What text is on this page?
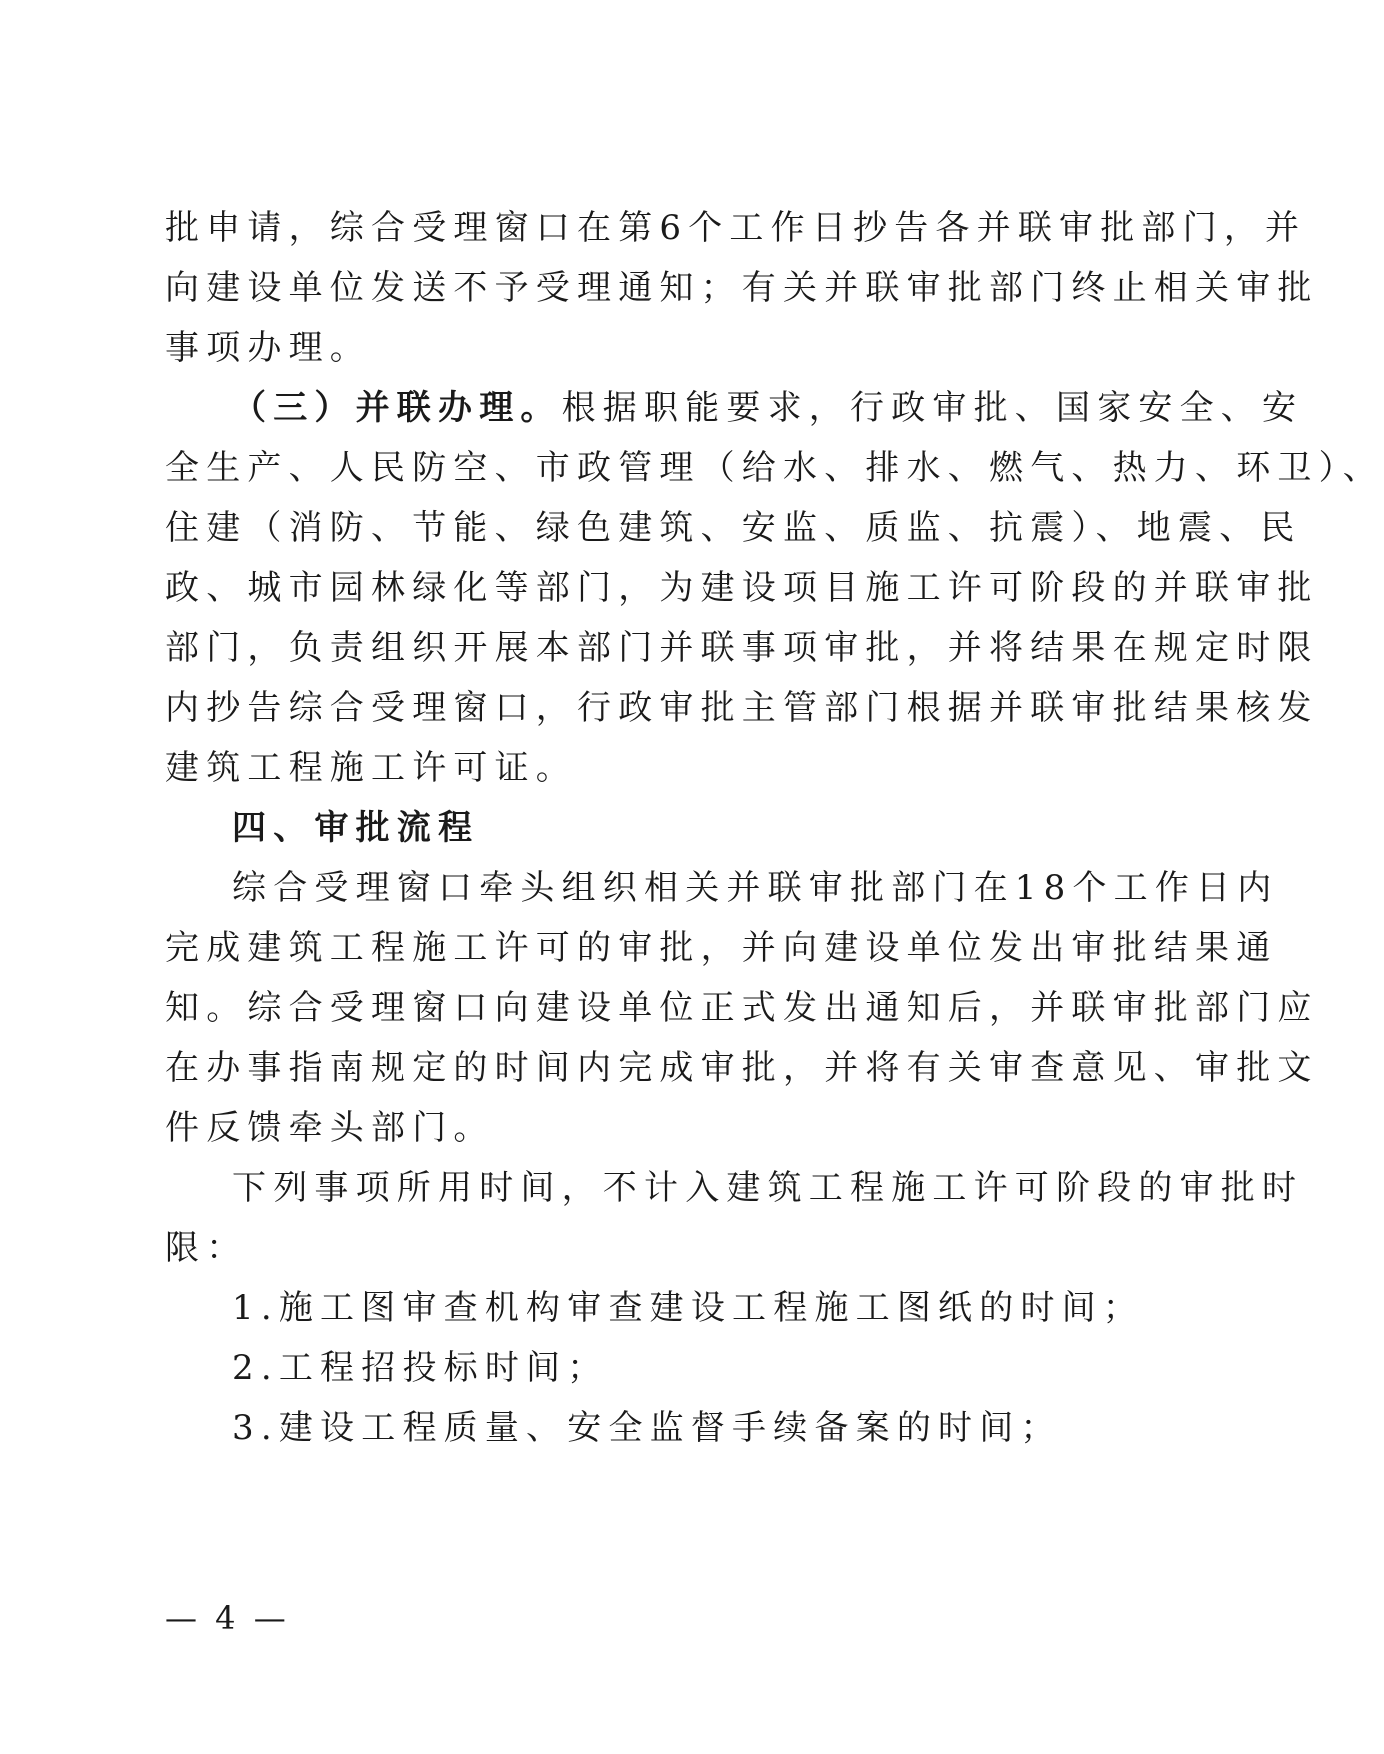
批申请，综合受理窗口在第6个工作日抄告各并联审批部门，并
向建设单位发送不予受理通知；有关并联审批部门终止相关审批
事项办理。
（三）并联办理。根据职能要求，行政审批、国家安全、安
全生产、人民防空、市政管理（给水、排水、燃气、热力、环卫）、
住建（消防、节能、绿色建筑、安监、质监、抗震）、地震、民
政、城市园林绿化等部门，为建设项目施工许可阶段的并联审批
部门，负责组织开展本部门并联事项审批，并将结果在规定时限
内抄告综合受理窗口，行政审批主管部门根据并联审批结果核发
建筑工程施工许可证。
四、审批流程
综合受理窗口牵头组织相关并联审批部门在18个工作日内
完成建筑工程施工许可的审批，并向建设单位发出审批结果通
知。综合受理窗口向建设单位正式发出通知后，并联审批部门应
在办事指南规定的时间内完成审批，并将有关审查意见、审批文
件反馈牵头部门。
下列事项所用时间，不计入建筑工程施工许可阶段的审批时
限：
1.施工图审查机构审查建设工程施工图纸的时间；
2.工程招投标时间；
3.建设工程质量、安全监督手续备案的时间；
— 4 —
